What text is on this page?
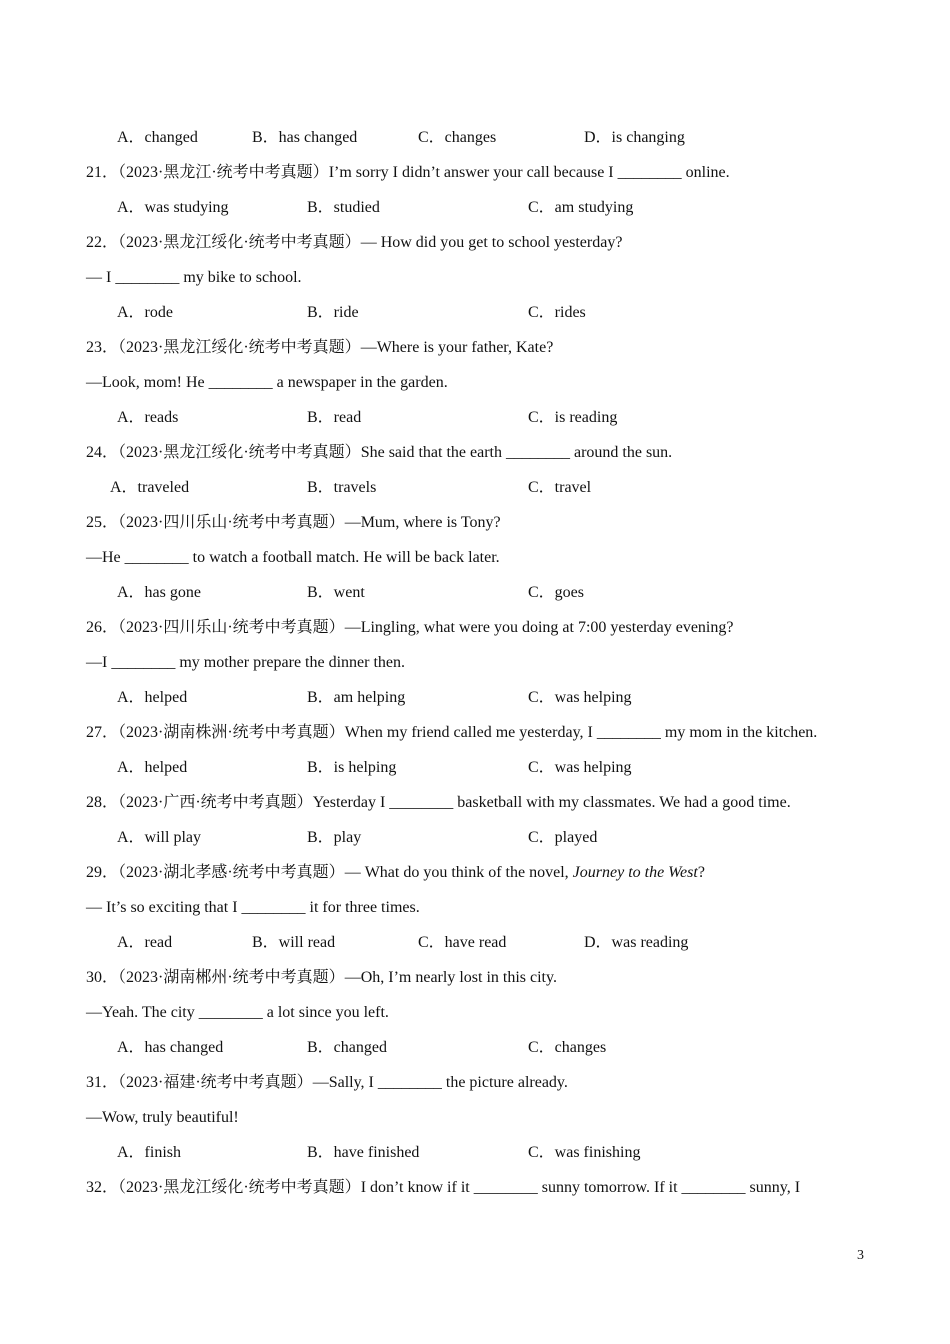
A．changed	B．has changed	C．changes	D．is changing
21．（2023·黑龙江·统考中考真题）I’m sorry I didn’t answer your call because I ________ online.
A．was studying	B．studied	C．am studying
22．（2023·黑龙江绥化·统考中考真题）— How did you get to school yesterday?
— I ________ my bike to school.
A．rode	B．ride	C．rides
23．（2023·黑龙江绥化·统考中考真题）—Where is your father, Kate?
—Look, mom! He ________ a newspaper in the garden.
A．reads	B．read	C．is reading
24．（2023·黑龙江绥化·统考中考真题）She said that the earth ________ around the sun.
A．traveled	B．travels	C．travel
25．（2023·四川乐山·统考中考真题）—Mum, where is Tony?
—He ________ to watch a football match. He will be back later.
A．has gone	B．went	C．goes
26．（2023·四川乐山·统考中考真题）—Lingling, what were you doing at 7:00 yesterday evening?
—I ________ my mother prepare the dinner then.
A．helped	B．am helping	C．was helping
27．（2023·湖南株洲·统考中考真题）When my friend called me yesterday, I ________ my mom in the kitchen.
A．helped	B．is helping	C．was helping
28．（2023·广西·统考中考真题）Yesterday I ________ basketball with my classmates. We had a good time.
A．will play	B．play	C．played
29．（2023·湖北孝感·统考中考真题）— What do you think of the novel, Journey to the West?
— It’s so exciting that I ________ it for three times.
A．read	B．will read	C．have read	D．was reading
30．（2023·湖南郴州·统考中考真题）—Oh, I’m nearly lost in this city.
—Yeah. The city ________ a lot since you left.
A．has changed	B．changed	C．changes
31．（2023·福建·统考中考真题）—Sally, I ________ the picture already.
—Wow, truly beautiful!
A．finish	B．have finished	C．was finishing
32．（2023·黑龙江绥化·统考中考真题）I don’t know if it ________ sunny tomorrow. If it ________ sunny, I
3
